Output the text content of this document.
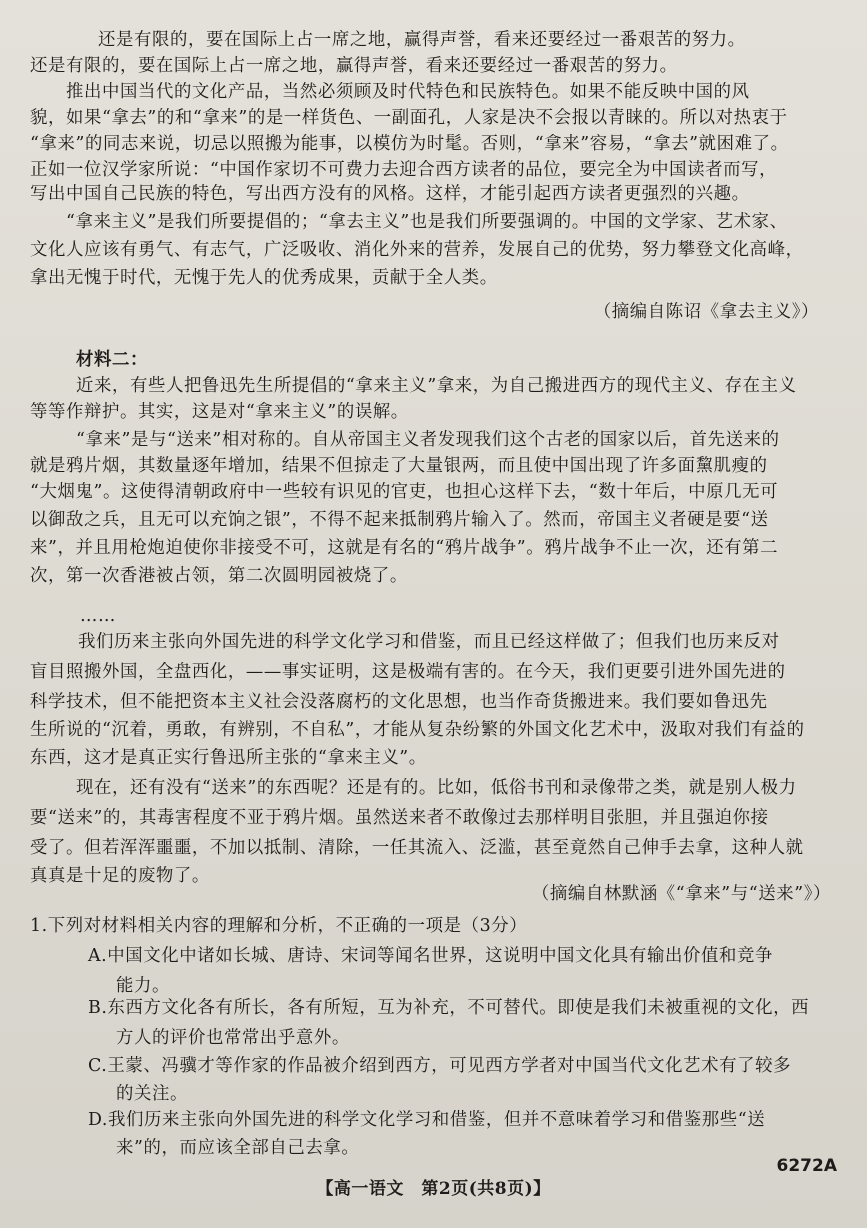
写出中国自己民族的特色，写出西方没有的风格。这样，才能引起西方读者更强烈的兴趣。
还是有限的，要在国际上占一席之地，赢得声誉，看来还要经过一番艰苦的努力。
还是有限的，要在国际上占一席之地，赢得声誉，看来还要经过一番艰苦的努力。
推出中国当代的文化产品，当然必须顾及时代特色和民族特色。如果不能反映中国的风
貌，如果“拿去”的和“拿来”的是一样货色、一副面孔，人家是决不会报以青睐的。所以对热衷于
“拿来”的同志来说，切忌以照搬为能事，以模仿为时髦。否则，“拿来”容易，“拿去”就困难了。
正如一位汉学家所说：“中国作家切不可费力去迎合西方读者的品位，要完全为中国读者而写，
“拿来主义”是我们所要提倡的；“拿去主义”也是我们所要强调的。中国的文学家、艺术家、
文化人应该有勇气、有志气，广泛吸收、消化外来的营养，发展自己的优势，努力攀登文化高峰，
拿出无愧于时代，无愧于先人的优秀成果，贡献于全人类。
（摘编自陈诏《拿去主义》）
材料二：
近来，有些人把鲁迅先生所提倡的“拿来主义”拿来，为自己搬进西方的现代主义、存在主义
等等作辩护。其实，这是对“拿来主义”的误解。
“拿来”是与“送来”相对称的。自从帝国主义者发现我们这个古老的国家以后，首先送来的
就是鸦片烟，其数量逐年增加，结果不但掠走了大量银两，而且使中国出现了许多面黧肌瘦的
“大烟鬼”。这使得清朝政府中一些较有识见的官吏，也担心这样下去，“数十年后，中原几无可
以御敌之兵，且无可以充饷之银”，不得不起来抵制鸦片输入了。然而，帝国主义者硬是要“送
来”，并且用枪炮迫使你非接受不可，这就是有名的“鸦片战争”。鸦片战争不止一次，还有第二
次，第一次香港被占领，第二次圆明园被烧了。
……
我们历来主张向外国先进的科学文化学习和借鉴，而且已经这样做了；但我们也历来反对
盲目照搬外国，全盘西化，——事实证明，这是极端有害的。在今天，我们更要引进外国先进的
科学技术，但不能把资本主义社会没落腐朽的文化思想，也当作奇货搬进来。我们要如鲁迅先
生所说的“沉着，勇敢，有辨别，不自私”，才能从复杂纷繁的外国文化艺术中，汲取对我们有益的
东西，这才是真正实行鲁迅所主张的“拿来主义”。
现在，还有没有“送来”的东西呢？还是有的。比如，低俗书刊和录像带之类，就是别人极力
要“送来”的，其毒害程度不亚于鸦片烟。虽然送来者不敢像过去那样明目张胆，并且强迫你接
受了。但若浑浑噩噩，不加以抵制、清除，一任其流入、泛滥，甚至竟然自己伸手去拿，这种人就
真真是十足的废物了。
（摘编自林默涵《“拿来”与“送来”》）
1.下列对材料相关内容的理解和分析，不正确的一项是（3分）
A.中国文化中诸如长城、唐诗、宋词等闻名世界，这说明中国文化具有输出价值和竞争
能力。
B.东西方文化各有所长，各有所短，互为补充，不可替代。即使是我们未被重视的文化，西
方人的评价也常常出乎意外。
C.王蒙、冯骥才等作家的作品被介绍到西方，可见西方学者对中国当代文化艺术有了较多
的关注。
D.我们历来主张向外国先进的科学文化学习和借鉴，但并不意味着学习和借鉴那些“送
来”的，而应该全部自己去拿。
【高一语文　第2页(共8页)】
6272A
